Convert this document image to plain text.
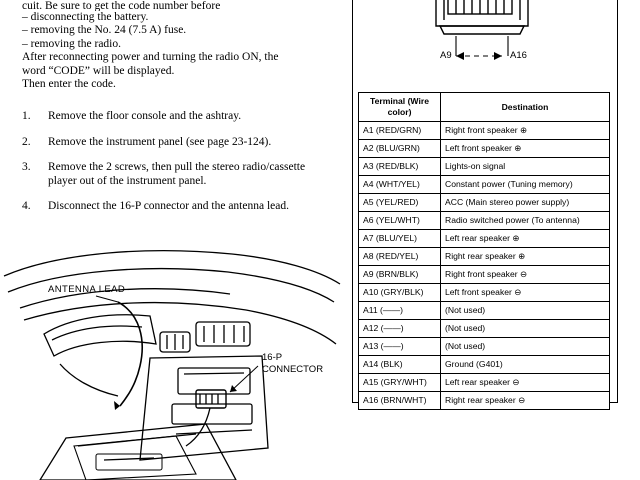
cuit. Be sure to get the code number before
– disconnecting the battery.
– removing the No. 24 (7.5 A) fuse.
– removing the radio.
After reconnecting power and turning the radio ON, the
word “CODE” will be displayed.
Then enter the code.
1.	Remove the floor console and the ashtray.
2.	Remove the instrument panel (see page 23-124).
3.	Remove the 2 screws, then pull the stereo radio/cassette player out of the instrument panel.
4.	Disconnect the 16-P connector and the antenna lead.
ANTENNA LEAD
16-P
CONNECTOR
A9	A16
Terminal (Wire color)	Destination
A1 (RED/GRN)	Right front speaker ⊕
A2 (BLU/GRN)	Left front speaker ⊕
A3 (RED/BLK)	Lights-on signal
A4 (WHT/YEL)	Constant power (Tuning memory)
A5 (YEL/RED)	ACC (Main stereo power supply)
A6 (YEL/WHT)	Radio switched power (To antenna)
A7 (BLU/YEL)	Left rear speaker ⊕
A8 (RED/YEL)	Right rear speaker ⊕
A9 (BRN/BLK)	Right front speaker ⊖
A10 (GRY/BLK)	Left front speaker ⊖
A11 (——)	(Not used)
A12 (——)	(Not used)
A13 (——)	(Not used)
A14 (BLK)	Ground (G401)
A15 (GRY/WHT)	Left rear speaker ⊖
A16 (BRN/WHT)	Right rear speaker ⊖
